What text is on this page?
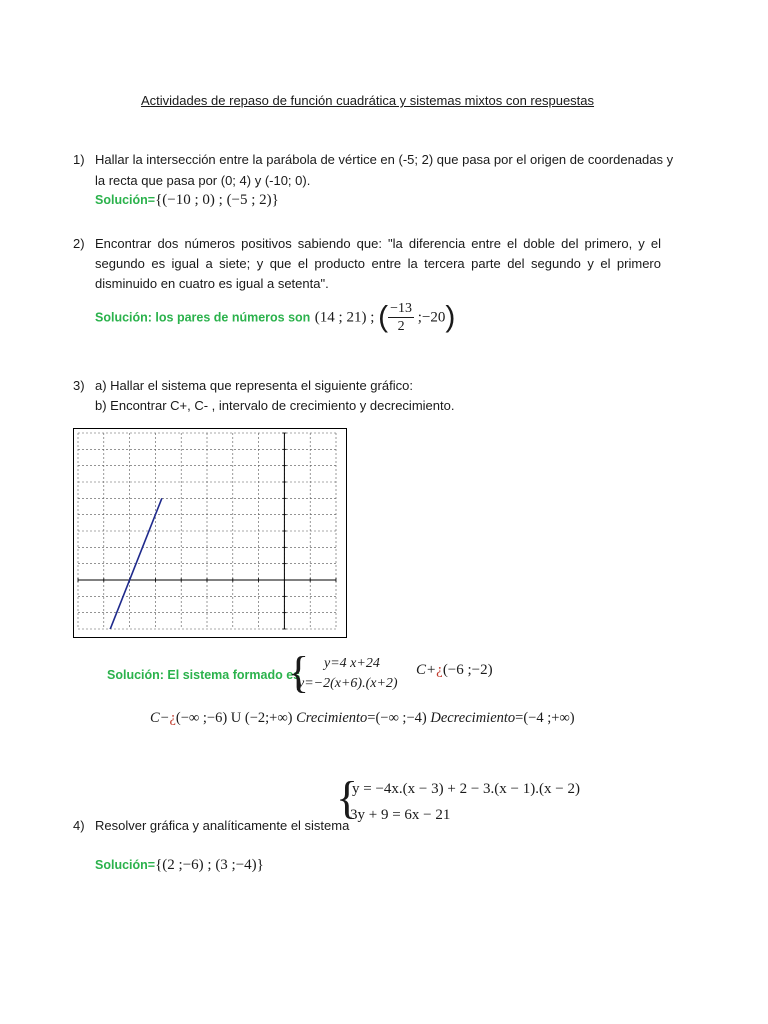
Actividades de repaso de función cuadrática y sistemas mixtos con respuestas
1) Hallar la intersección entre la parábola de vértice en (-5; 2) que pasa por el origen de coordenadas y
la recta que pasa por (0; 4) y (-10; 0).
Solución={(−10 ; 0) ; (−5 ; 2)}
2) Encontrar dos números positivos sabiendo que: "la diferencia entre el doble del primero, y el segundo es igual a siete; y que el producto entre la tercera parte del segundo y el primero disminuido en cuatro es igual a setenta".
Solución: los pares de números son (14 ; 21) ; ( $\frac{-13}{2}$ ;−20)
3) a) Hallar el sistema que representa el siguiente gráfico:
b) Encontrar C+, C- , intervalo de crecimiento y decrecimiento.
Solución: El sistema formado es
{ y=4 x+24
y=−2(x+6).(x+2)
C+¿(−6 ;−2)
C−¿(−∞ ;−6) U (−2;+∞) Crecimiento=(−∞ ;−4) Decrecimiento=(−4 ;+∞)
{
y = −4x.(x − 3) + 2 − 3.(x − 1).(x − 2)
3y + 9 = 6x − 21
4) Resolver gráfica y analíticamente el sistema
Solución={(2 ;−6) ; (3 ;−4)}
